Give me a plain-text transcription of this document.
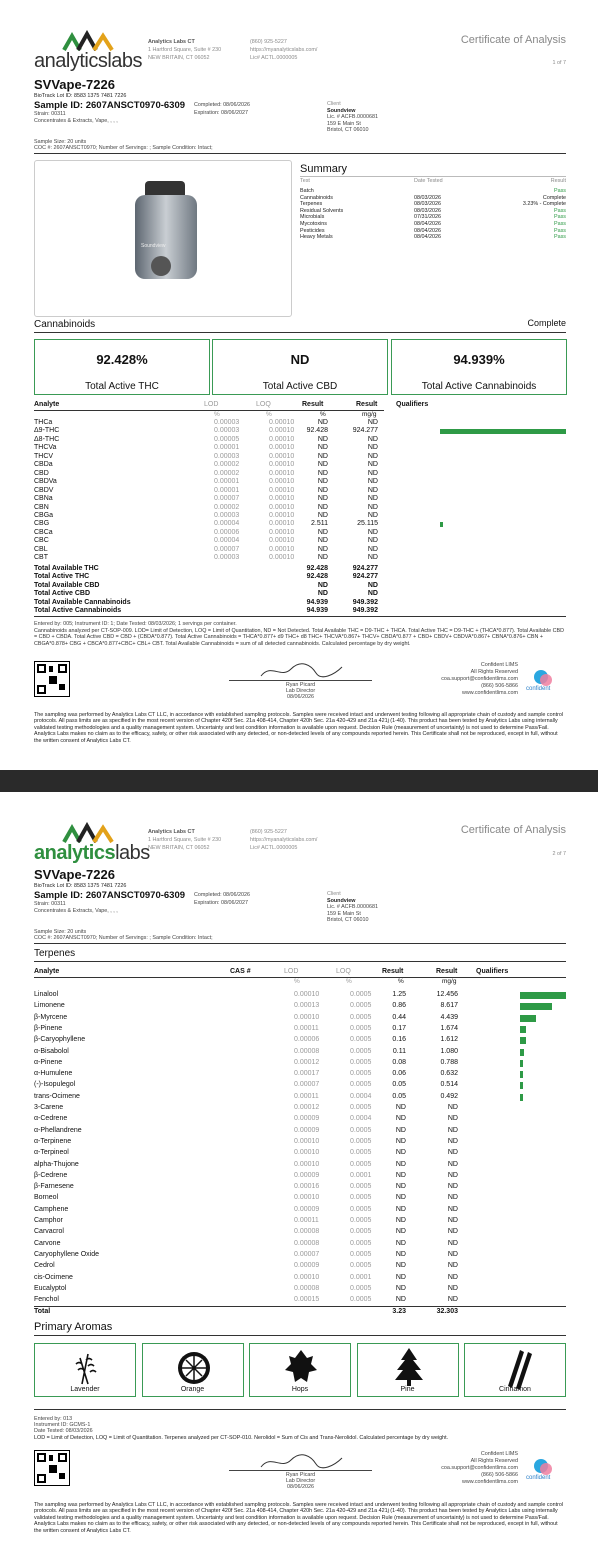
analyticslabs
Analytics Labs CT
1 Hartford Square, Suite # 230
NEW BRITAIN, CT 06052
(860) 925-5227
https://myanalyticslabs.com/
Lic# ACTL.0000005
Certificate of Analysis
1 of 7
SVVape-7226
BioTrack Lot ID: 8583 1375 7481 7226
Sample ID: 2607ANSCT0970-6309
Strain: 00311
Concentrates & Extracts, Vape, , , ,
Completed: 08/06/2026
Expiration: 08/06/2027
Client
Soundview
Lic. # ACFB.0000681
159 E Main St
Bristol, CT 06010
Sample Size: 20 units
COC #: 2607ANSCT0970; Number of Servings: ; Sample Condition: Intact;
Soundview
Summary
Test	Date Tested	Result
Batch	Pass
Cannabinoids	08/03/2026	Complete
Terpenes	08/03/2026	3.23% - Complete
Residual Solvents	08/03/2026	Pass
Microbials	07/31/2026	Pass
Mycotoxins	08/04/2026	Pass
Pesticides	08/04/2026	Pass
Heavy Metals	08/04/2026	Pass
Cannabinoids	Complete
92.428%
Total Active THC
ND
Total Active CBD
94.939%
Total Active Cannabinoids
Analyte	LOD	LOQ	Result	Result	Qualifiers
%	%	%	mg/g
THCa	0.00003	0.00010	ND	ND
Δ9-THC	0.00003	0.00010 92.428	924.277
Δ8-THC	0.00005	0.00010	ND	ND
THCVa	0.00001	0.00010	ND	ND
THCV	0.00003	0.00010	ND	ND
CBDa	0.00002	0.00010	ND	ND
CBD	0.00002	0.00010	ND	ND
CBDVa	0.00001	0.00010	ND	ND
CBDV	0.00001	0.00010	ND	ND
CBNa	0.00007	0.00010	ND	ND
CBN	0.00002	0.00010	ND	ND
CBGa	0.00003	0.00010	ND	ND
CBG	0.00004	0.00010 2.511	25.115
CBCa	0.00006	0.00010	ND	ND
CBC	0.00004	0.00010	ND	ND
CBL	0.00007	0.00010	ND	ND
CBT	0.00003	0.00010	ND	ND
Total Available THC	92.428	924.277
Total Active THC	92.428	924.277
Total Available CBD	ND	ND
Total Active CBD	ND	ND
Total Available Cannabinoids	94.939	949.392
Total Active Cannabinoids	94.939	949.392
Entered by: 005; Instrument ID: 1; Date Tested: 08/03/2026; 1 servings per container.
Cannabinoids analyzed per CT-SOP-009. LOD= Limit of Detection, LOQ = Limit of Quantitation, ND = Not Detected. Total Available THC = D9-THC + THCA. Total Active THC = D9-THC + (THCA*0.877). Total Available CBD = CBD + CBDA. Total Active CBD = CBD + (CBDA*0.877). Total Active Cannabinoids = THCA*0.877+ d9 THC+ d8 THC+ THCVA*0.867+ THCV+ CBDA*0.877 + CBD+ CBDV+ CBDVA*0.867+ CBNA*0.876+ CBN + CBGA*0.878+ CBG + CBCA*0.877+CBC+ CBL+ CBT. Total Available Cannabinoids = sum of all detected cannabinoids. Calculated percentage by dry weight.
Ryan Picard
Lab Director
08/06/2026
Confident LIMS
All Rights Reserved
coa.support@confidentlims.com
(866) 506-5866
www.confidentlims.com
confident
The sampling was performed by Analytics Labs CT LLC, in accordance with established sampling protocols. Samples were received intact and underwent testing following all appropriate chain of custody and sample control protocols. All pass limits are as specified in the most recent version of Chapter 420f Sec. 21a 408-414, Chapter 420h Sec. 21a 420-429 and 21a 421j (1-40). This product has been tested by Analytics Labs using internally validated testing methodologies and a quality management system. Uncertainty and test condition information is available upon request. Decision Rule (measurement of uncertainty) is not used to determine Pass/Fail. Analytics Labs makes no claim as to the efficacy, safety, or other risk associated with any detected, or non-detected levels of any compounds reported herein. This Certificate shall not be reproduced, except in full, without the written consent of Analytics Labs CT.
analyticslabs
Analytics Labs CT
1 Hartford Square, Suite # 230
NEW BRITAIN, CT 06052
(860) 925-5227
https://myanalyticslabs.com/
Lic# ACTL.0000005
Certificate of Analysis
2 of 7
SVVape-7226
BioTrack Lot ID: 8583 1375 7481 7226
Sample ID: 2607ANSCT0970-6309
Strain: 00311
Concentrates & Extracts, Vape, , , ,
Completed: 08/06/2026
Expiration: 08/06/2027
Client
Soundview
Lic. # ACFB.0000681
159 E Main St
Bristol, CT 06010
Sample Size: 20 units
COC #: 2607ANSCT0970; Number of Servings: ; Sample Condition: Intact;
Terpenes
Analyte	CAS #	LOD	LOQ	Result	Result	Qualifiers
%	%	%	mg/g
Linalool	0.00010	0.0005	1.25	12.456
Limonene	0.00013	0.0005	0.86	8.617
β-Myrcene	0.00010	0.0005	0.44	4.439
β-Pinene	0.00011	0.0005	0.17	1.674
β-Caryophyllene	0.00006	0.0005	0.16	1.612
α-Bisabolol	0.00008	0.0005	0.11	1.080
α-Pinene	0.00012	0.0005	0.08	0.788
α-Humulene	0.00017	0.0005	0.06	0.632
(-)-Isopulegol	0.00007	0.0005	0.05	0.514
trans-Ocimene	0.00011	0.0004	0.05	0.492
3-Carene	0.00012	0.0005	ND	ND
α-Cedrene	0.00009	0.0004	ND	ND
α-Phellandrene	0.00009	0.0005	ND	ND
α-Terpinene	0.00010	0.0005	ND	ND
α-Terpineol	0.00010	0.0005	ND	ND
alpha-Thujone	0.00010	0.0005	ND	ND
β-Cedrene	0.00009	0.0001	ND	ND
β-Farnesene	0.00016	0.0005	ND	ND
Borneol	0.00010	0.0005	ND	ND
Camphene	0.00009	0.0005	ND	ND
Camphor	0.00011	0.0005	ND	ND
Carvacrol	0.00008	0.0005	ND	ND
Carvone	0.00008	0.0005	ND	ND
Caryophyllene Oxide	0.00007	0.0005	ND	ND
Cedrol	0.00009	0.0005	ND	ND
cis-Ocimene	0.00010	0.0001	ND	ND
Eucalyptol	0.00008	0.0005	ND	ND
Fenchol	0.00015	0.0005	ND	ND
Total	3.23	32.303
Primary Aromas
Lavender	Orange	Hops	Pine	Cinnamon
Entered by: 013
Instrument ID: GCMS-1
Date Tested: 08/03/2026
LOD = Limit of Detection, LOQ = Limit of Quantitation. Terpenes analyzed per CT-SOP-010. Nerolidol = Sum of Cis and Trans-Nerolidol. Calculated percentage by dry weight.
Ryan Picard
Lab Director
08/06/2026
Confident LIMS
All Rights Reserved
coa.support@confidentlims.com
(866) 506-5866
www.confidentlims.com
confident
The sampling was performed by Analytics Labs CT LLC, in accordance with established sampling protocols. Samples were received intact and underwent testing following all appropriate chain of custody and sample control protocols. All pass limits are as specified in the most recent version of Chapter 420f Sec. 21a 408-414, Chapter 420h Sec. 21a 420-429 and 21a 421j (1-40). This product has been tested by Analytics Labs using internally validated testing methodologies and a quality management system. Uncertainty and test condition information is available upon request. Decision Rule (measurement of uncertainty) is not used to determine Pass/Fail. Analytics Labs makes no claim as to the efficacy, safety, or other risk associated with any detected, or non-detected levels of any compounds reported herein. This Certificate shall not be reproduced, except in full, without the written consent of Analytics Labs CT.
